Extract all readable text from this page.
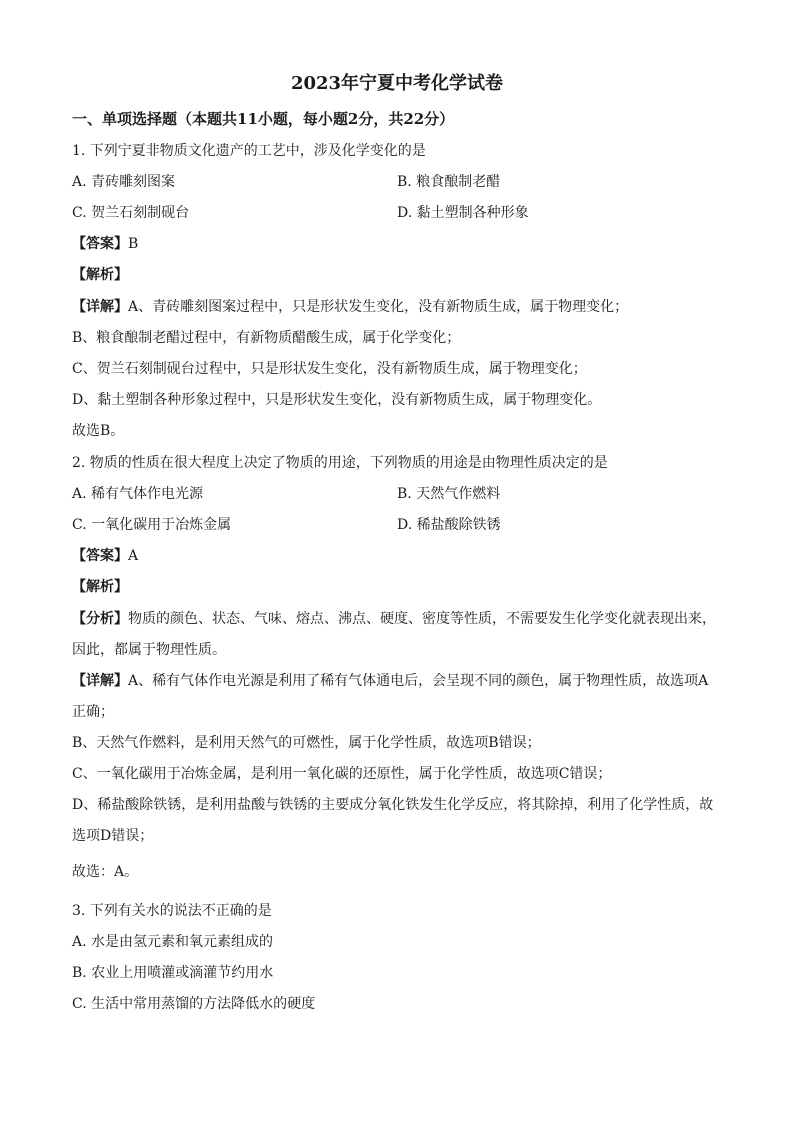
2023年宁夏中考化学试卷
一、单项选择题（本题共11小题，每小题2分，共22分）
1. 下列宁夏非物质文化遗产的工艺中，涉及化学变化的是
A. 青砖雕刻图案	B. 粮食酿制老醋
C. 贺兰石刻制砚台	D. 黏土塑制各种形象
【答案】B
【解析】
【详解】A、青砖雕刻图案过程中，只是形状发生变化，没有新物质生成，属于物理变化；
B、粮食酿制老醋过程中，有新物质醋酸生成，属于化学变化；
C、贺兰石刻制砚台过程中，只是形状发生变化，没有新物质生成，属于物理变化；
D、黏土塑制各种形象过程中，只是形状发生变化，没有新物质生成，属于物理变化。
故选B。
2. 物质的性质在很大程度上决定了物质的用途，下列物质的用途是由物理性质决定的是
A. 稀有气体作电光源	B. 天然气作燃料
C. 一氧化碳用于冶炼金属	D. 稀盐酸除铁锈
【答案】A
【解析】
【分析】物质的颜色、状态、气味、熔点、沸点、硬度、密度等性质，不需要发生化学变化就表现出来，
因此，都属于物理性质。
【详解】A、稀有气体作电光源是利用了稀有气体通电后，会呈现不同的颜色，属于物理性质，故选项A
正确；
B、天然气作燃料，是利用天然气的可燃性，属于化学性质，故选项B错误；
C、一氧化碳用于冶炼金属，是利用一氧化碳的还原性，属于化学性质，故选项C错误；
D、稀盐酸除铁锈，是利用盐酸与铁锈的主要成分氧化铁发生化学反应，将其除掉，利用了化学性质，故
选项D错误；
故选：A。
3. 下列有关水的说法不正确的是
A. 水是由氢元素和氧元素组成的
B. 农业上用喷灌或滴灌节约用水
C. 生活中常用蒸馏的方法降低水的硬度
